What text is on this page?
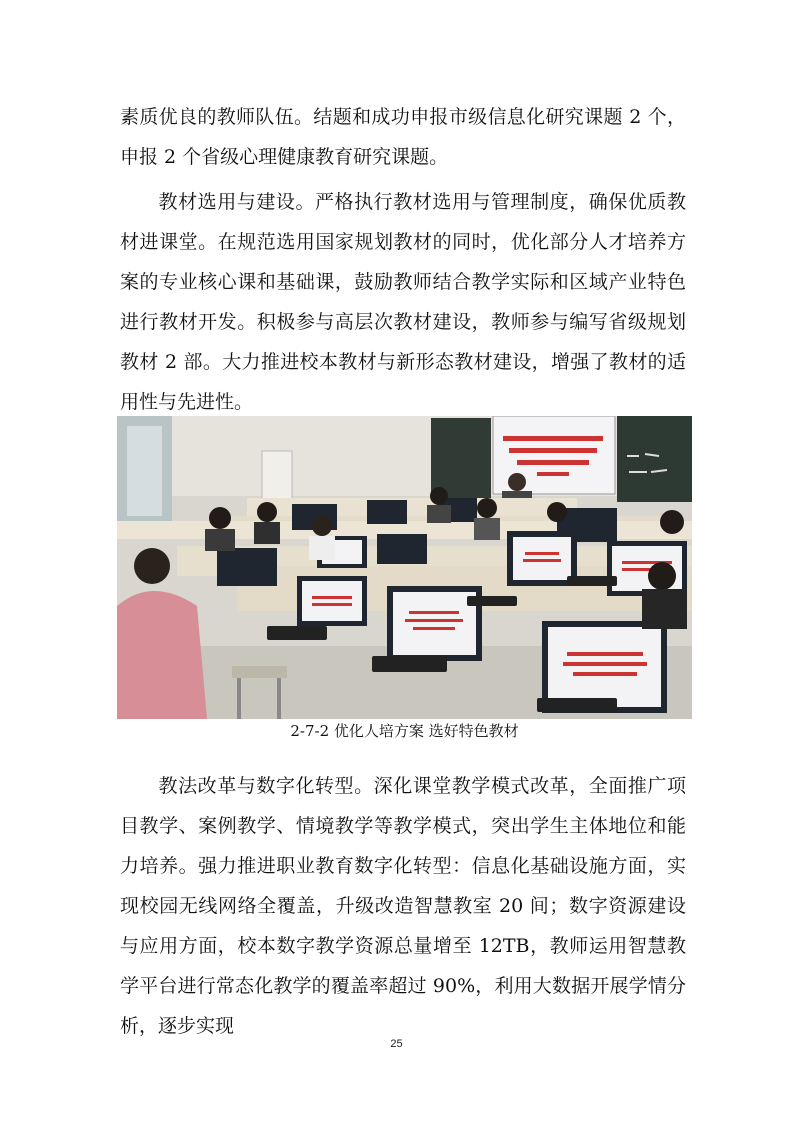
素质优良的教师队伍。结题和成功申报市级信息化研究课题 2 个，申报 2 个省级心理健康教育研究课题。

教材选用与建设。严格执行教材选用与管理制度，确保优质教材进课堂。在规范选用国家规划教材的同时，优化部分人才培养方案的专业核心课和基础课，鼓励教师结合教学实际和区域产业特色进行教材开发。积极参与高层次教材建设，教师参与编写省级规划教材 2 部。大力推进校本教材与新形态教材建设，增强了教材的适用性与先进性。

2-7-2 优化人培方案 选好特色教材

教法改革与数字化转型。深化课堂教学模式改革，全面推广项目教学、案例教学、情境教学等教学模式，突出学生主体地位和能力培养。强力推进职业教育数字化转型：信息化基础设施方面，实现校园无线网络全覆盖，升级改造智慧教室 20 间；数字资源建设与应用方面，校本数字教学资源总量增至 12TB，教师运用智慧教学平台进行常态化教学的覆盖率超过 90%，利用大数据开展学情分析，逐步实现

25
